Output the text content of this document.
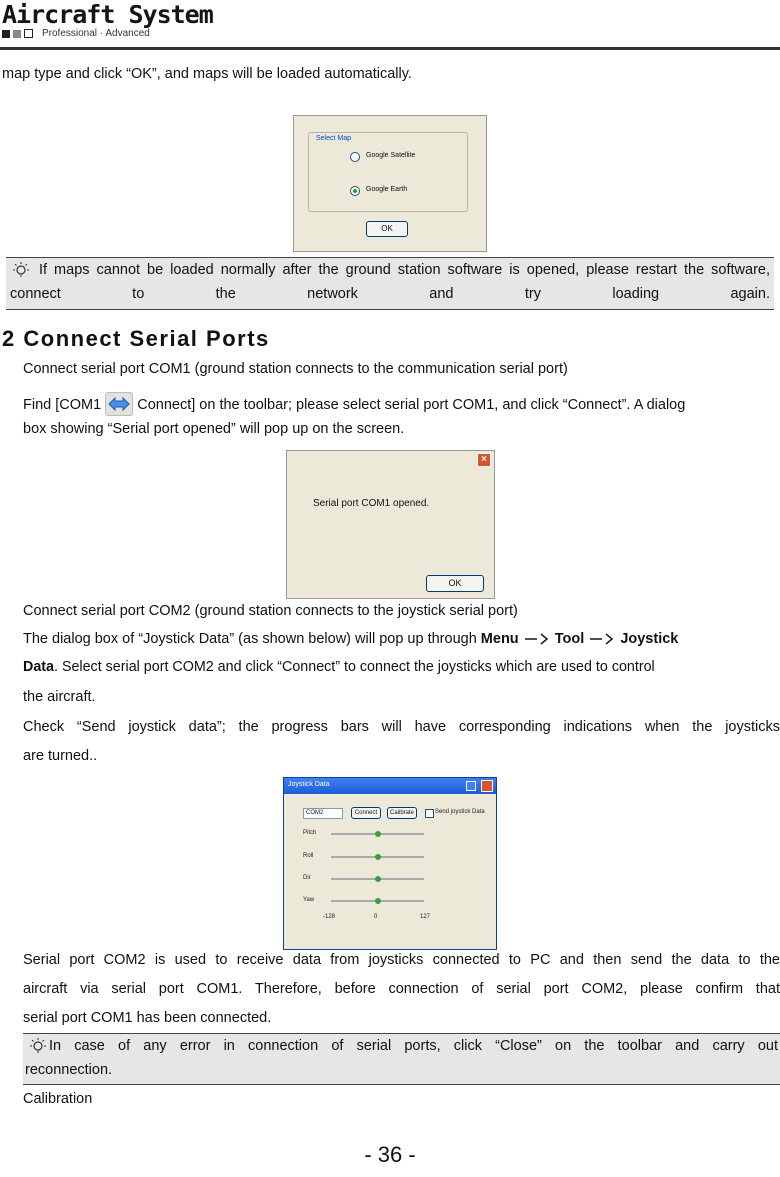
Aircraft System
Professional · Advanced
map type and click “OK”, and maps will be loaded automatically.
Select Map
Google Satellite
Google Earth
OK
If maps cannot be loaded normally after the ground station software is opened, please restart the software, connect to the network and try loading again.
2 Connect Serial Ports
Connect serial port COM1 (ground station connects to the communication serial port)
Find [COM1  Connect] on the toolbar; please select serial port COM1, and click “Connect”. A dialog
box showing “Serial port opened” will pop up on the screen.
×
Serial port COM1 opened.
OK
Connect serial port COM2 (ground station connects to the joystick serial port)
The dialog box of “Joystick Data” (as shown below) will pop up through Menu Tool Joystick
Data. Select serial port COM2 and click “Connect” to connect the joysticks which are used to control
the aircraft.
Check “Send joystick data”; the progress bars will have corresponding indications when the joysticks
are turned..
Joystick Data
COM2	Connect	Calibrate	Send joystick Data
Pitch
Roll
Dir
Yaw
-128	0	127
Serial port COM2 is used to receive data from joysticks connected to PC and then send the data to the
aircraft via serial port COM1. Therefore, before connection of serial port COM2, please confirm that
serial port COM1 has been connected.
In case of any error in connection of serial ports, click “Close” on the toolbar and carry out
reconnection.
Calibration
- 36 -
